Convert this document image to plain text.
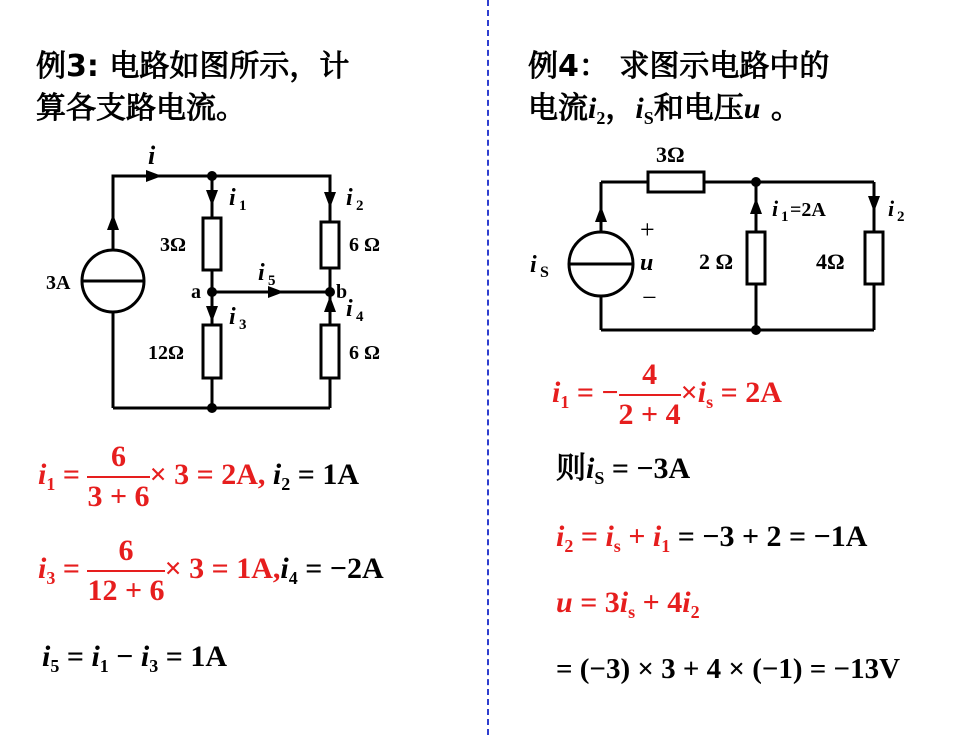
例3: 电路如图所示，计
算各支路电流。
i
i 1	i 2
i 5
i 3
i 4
3Ω	6 Ω
12Ω	6 Ω
3A	a	b
$i_1 = \frac{6}{3 + 6} \times 3 = 2A$, $i_2 = 1A$
$i_3 = \frac{6}{12 + 6} \times 3 = 1A,i_4 = -2A$
$i_5 = i_1 - i_3 = 1A$
例4： 求图示电路中的
电流$i_2$，$i_S$和电压u 。
3Ω
2 Ω	4Ω
i S
+
u
−
i 1 =2A	i 2
$i_1$ = − $\frac{4}{2 + 4} \times i_s = 2A$
则$i_S = -3A$
$i_2 = i_s + i_1 = -3 + 2 = -1A$
$u = 3i_s + 4i_2$
= (−3) × 3 + 4 × (−1) = −13V
